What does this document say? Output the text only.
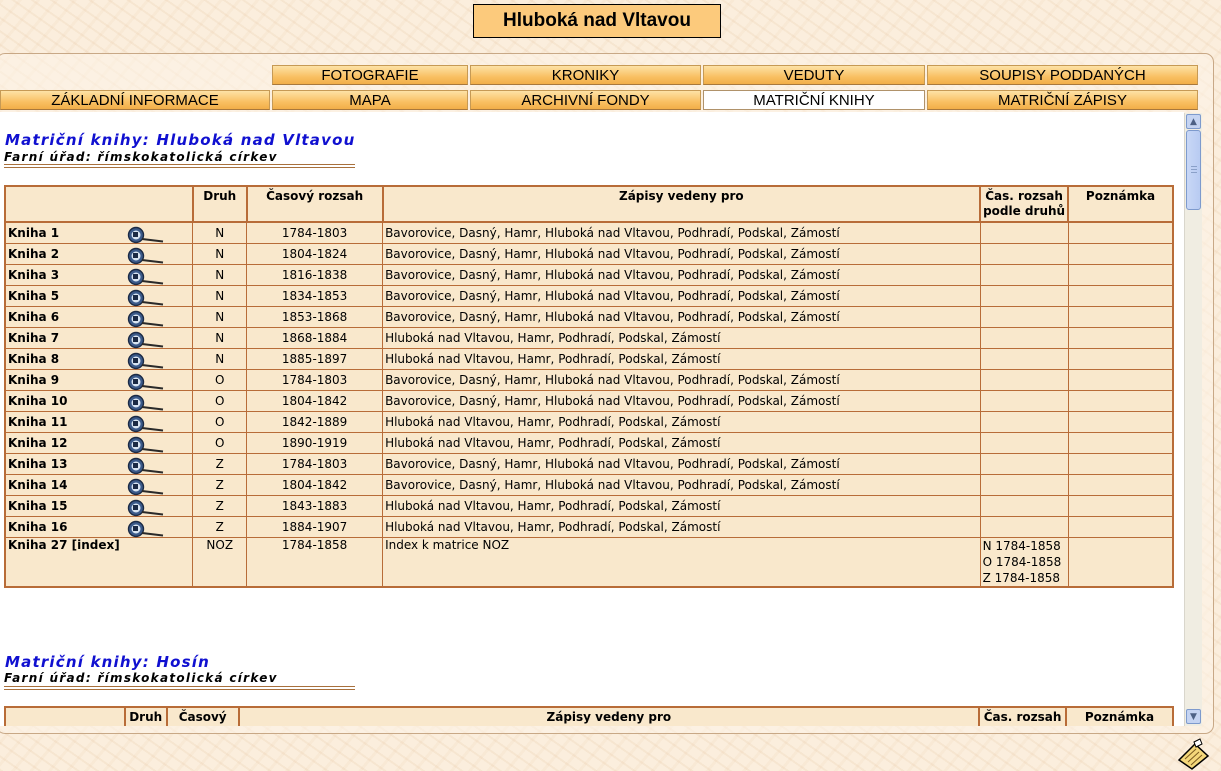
Hluboká nad Vltavou
FOTOGRAFIE	KRONIKY	VEDUTY	SOUPISY PODDANÝCH
ZÁKLADNÍ INFORMACE	MAPA	ARCHIVNÍ FONDY	MATRIČNÍ KNIHY	MATRIČNÍ ZÁPISY
Matriční knihy: Hluboká nad Vltavou
Farní úřad: římskokatolická církev
	Druh	Časový rozsah	Zápisy vedeny pro	Čas. rozsah
podle druhů	Poznámka
Kniha 1	N	1784-1803	Bavorovice, Dasný, Hamr, Hluboká nad Vltavou, Podhradí, Podskal, Zámostí		
Kniha 2	N	1804-1824	Bavorovice, Dasný, Hamr, Hluboká nad Vltavou, Podhradí, Podskal, Zámostí		
Kniha 3	N	1816-1838	Bavorovice, Dasný, Hamr, Hluboká nad Vltavou, Podhradí, Podskal, Zámostí		
Kniha 5	N	1834-1853	Bavorovice, Dasný, Hamr, Hluboká nad Vltavou, Podhradí, Podskal, Zámostí		
Kniha 6	N	1853-1868	Bavorovice, Dasný, Hamr, Hluboká nad Vltavou, Podhradí, Podskal, Zámostí		
Kniha 7	N	1868-1884	Hluboká nad Vltavou, Hamr, Podhradí, Podskal, Zámostí		
Kniha 8	N	1885-1897	Hluboká nad Vltavou, Hamr, Podhradí, Podskal, Zámostí		
Kniha 9	O	1784-1803	Bavorovice, Dasný, Hamr, Hluboká nad Vltavou, Podhradí, Podskal, Zámostí		
Kniha 10	O	1804-1842	Bavorovice, Dasný, Hamr, Hluboká nad Vltavou, Podhradí, Podskal, Zámostí		
Kniha 11	O	1842-1889	Hluboká nad Vltavou, Hamr, Podhradí, Podskal, Zámostí		
Kniha 12	O	1890-1919	Hluboká nad Vltavou, Hamr, Podhradí, Podskal, Zámostí		
Kniha 13	Z	1784-1803	Bavorovice, Dasný, Hamr, Hluboká nad Vltavou, Podhradí, Podskal, Zámostí		
Kniha 14	Z	1804-1842	Bavorovice, Dasný, Hamr, Hluboká nad Vltavou, Podhradí, Podskal, Zámostí		
Kniha 15	Z	1843-1883	Hluboká nad Vltavou, Hamr, Podhradí, Podskal, Zámostí		
Kniha 16	Z	1884-1907	Hluboká nad Vltavou, Hamr, Podhradí, Podskal, Zámostí		
Kniha 27 [index]	NOZ	1784-1858	Index k matrice NOZ	N 1784-1858
O 1784-1858
Z 1784-1858	
Matriční knihy: Hosín
Farní úřad: římskokatolická církev
	Druh	Časový	Zápisy vedeny pro	Čas. rozsah	Poznámka
▲
▼
